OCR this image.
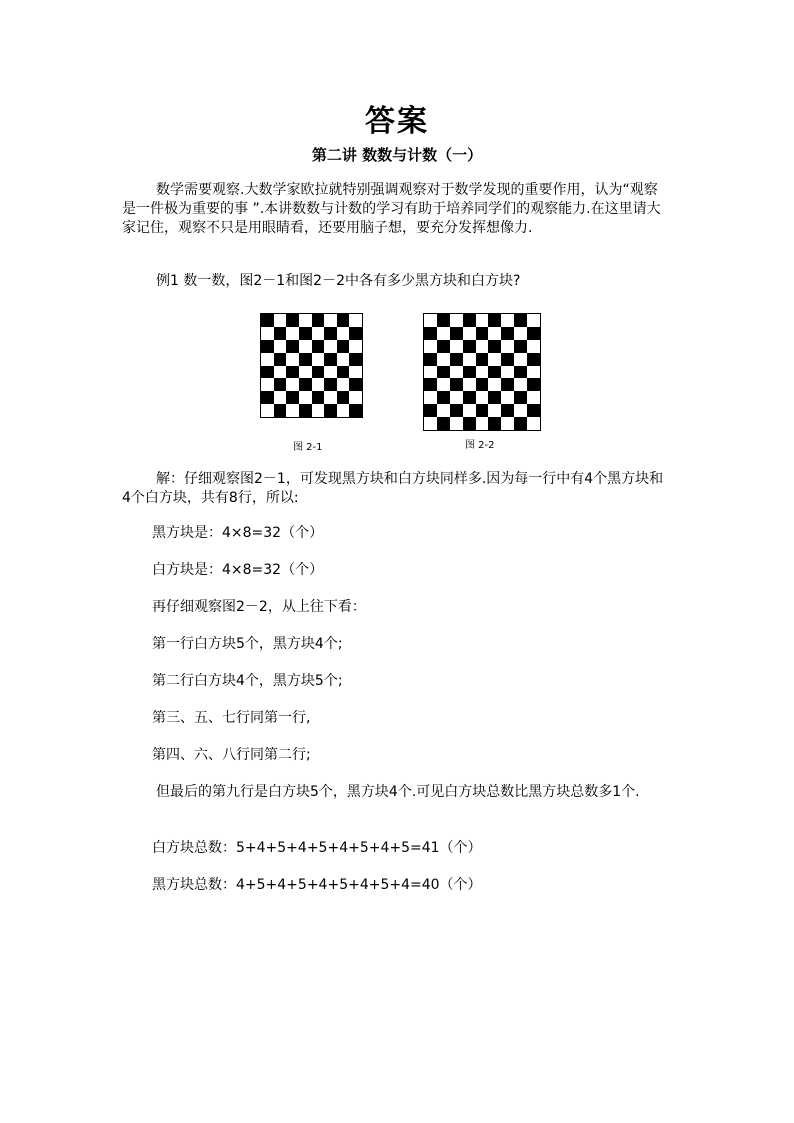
答案
第二讲 数数与计数（一）

数学需要观察.大数学家欧拉就特别强调观察对于数学发现的重要作用，认为“观察是一件极为重要的事 ”.本讲数数与计数的学习有助于培养同学们的观察能力.在这里请大家记住，观察不只是用眼睛看，还要用脑子想，要充分发挥想像力.

例1 数一数，图2－1和图2－2中各有多少黑方块和白方块?

图 2-1	图 2-2

解：仔细观察图2－1，可发现黑方块和白方块同样多.因为每一行中有4个黑方块和4个白方块，共有8行，所以:

黑方块是：4×8=32（个）
白方块是：4×8=32（个）
再仔细观察图2－2，从上往下看：
第一行白方块5个，黑方块4个;
第二行白方块4个，黑方块5个;
第三、五、七行同第一行,
第四、六、八行同第二行;

但最后的第九行是白方块5个，黑方块4个.可见白方块总数比黑方块总数多1个.

白方块总数：5+4+5+4+5+4+5+4+5=41（个）
黑方块总数：4+5+4+5+4+5+4+5+4=40（个）
